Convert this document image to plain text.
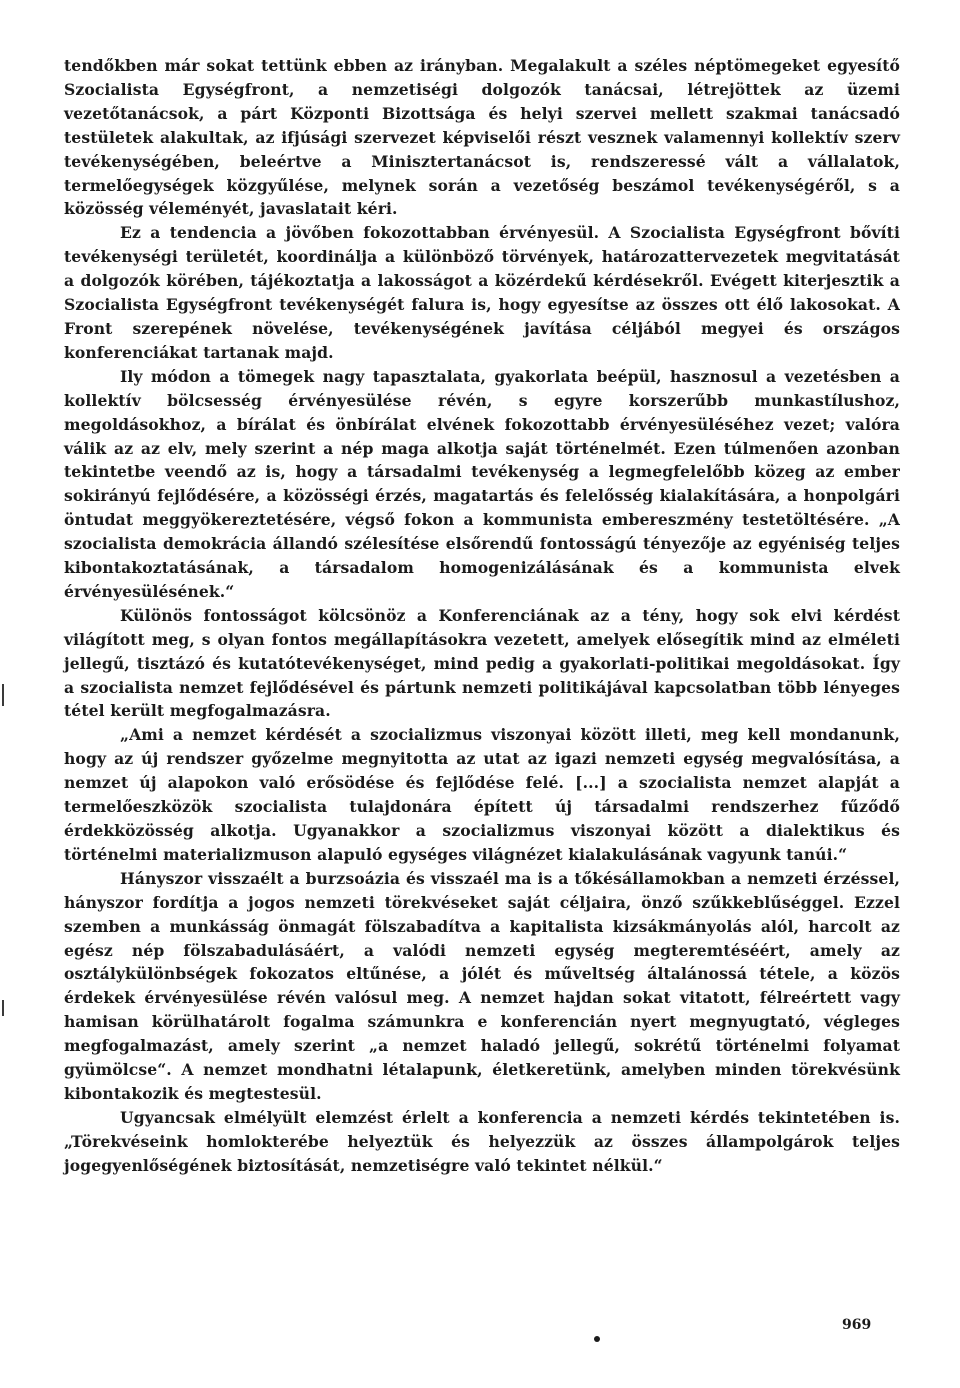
tendőkben már sokat tettünk ebben az irányban. Megalakult a széles néptömegeket egyesítő Szocialista Egységfront, a nemzetiségi dolgozók tanácsai, létrejöttek az üzemi vezetőtanácsok, a párt Központi Bizottsága és helyi szervei mellett szakmai tanácsadó testületek alakultak, az ifjúsági szervezet képviselői részt vesznek valamennyi kollektív szerv tevékenységében, beleértve a Minisztertanácsot is, rendszeressé vált a vállalatok, termelőegységek közgyűlése, melynek során a vezetőség beszámol tevékenységéről, s a közösség véleményét, javaslatait kéri.

Ez a tendencia a jövőben fokozottabban érvényesül. A Szocialista Egységfront bővíti tevékenységi területét, koordinálja a különböző törvények, határozattervezetek megvitatását a dolgozók körében, tájékoztatja a lakosságot a közérdekű kérdésekről. Evégett kiterjesztik a Szocialista Egységfront tevékenységét falura is, hogy egyesítse az összes ott élő lakosokat. A Front szerepének növelése, tevékenységének javítása céljából megyei és országos konferenciákat tartanak majd.

Ily módon a tömegek nagy tapasztalata, gyakorlata beépül, hasznosul a vezetésben a kollektív bölcsesség érvényesülése révén, s egyre korszerűbb munkastílushoz, megoldásokhoz, a bírálat és önbírálat elvének fokozottabb érvényesüléséhez vezet; valóra válik az az elv, mely szerint a nép maga alkotja saját történelmét. Ezen túlmenően azonban tekintetbe veendő az is, hogy a társadalmi tevékenység a legmegfelelőbb közeg az ember sokirányú fejlődésére, a közösségi érzés, magatartás és felelősség kialakítására, a honpolgári öntudat meggyökereztetésére, végső fokon a kommunista embereszmény testetöltésére. „A szocialista demokrácia állandó szélesítése elsőrendű fontosságú tényezője az egyéniség teljes kibontakoztatásának, a társadalom homogenizálásának és a kommunista elvek érvényesülésének.“

Különös fontosságot kölcsönöz a Konferenciának az a tény, hogy sok elvi kérdést világított meg, s olyan fontos megállapításokra vezetett, amelyek elősegítik mind az elméleti jellegű, tisztázó és kutatótevékenységet, mind pedig a gyakorlati-politikai megoldásokat. Így a szocialista nemzet fejlődésével és pártunk nemzeti politikájával kapcsolatban több lényeges tétel került megfogalmazásra.

„Ami a nemzet kérdését a szocializmus viszonyai között illeti, meg kell mondanunk, hogy az új rendszer győzelme megnyitotta az utat az igazi nemzeti egység megvalósítása, a nemzet új alapokon való erősödése és fejlődése felé. [...] a szocialista nemzet alapját a termelőeszközök szocialista tulajdonára épített új társadalmi rendszerhez fűződő érdekközösség alkotja. Ugyanakkor a szocializmus viszonyai között a dialektikus és történelmi materializmuson alapuló egységes világnézet kialakulásának vagyunk tanúi.“

Hányszor visszaélt a burzsoázia és visszaél ma is a tőkésállamokban a nemzeti érzéssel, hányszor fordítja a jogos nemzeti törekvéseket saját céljaira, önző szűkkeblűséggel. Ezzel szemben a munkásság önmagát fölszabadítva a kapitalista kizsákmányolás alól, harcolt az egész nép fölszabadulásáért, a valódi nemzeti egység megteremtéséért, amely az osztálykülönbségek fokozatos eltűnése, a jólét és műveltség általánossá tétele, a közös érdekek érvényesülése révén valósul meg. A nemzet hajdan sokat vitatott, félreértett vagy hamisan körülhatárolt fogalma számunkra e konferencián nyert megnyugtató, végleges megfogalmazást, amely szerint „a nemzet haladó jellegű, sokrétű történelmi folyamat gyümölcse“. A nemzet mondhatni létalapunk, életkeretünk, amelyben minden törekvésünk kibontakozik és megtestesül.

Ugyancsak elmélyült elemzést érlelt a konferencia a nemzeti kérdés tekintetében is. „Törekvéseink homlokterébe helyeztük és helyezzük az összes állampolgárok teljes jogegyenlőségének biztosítását, nemzetiségre való tekintet nélkül.“

969
